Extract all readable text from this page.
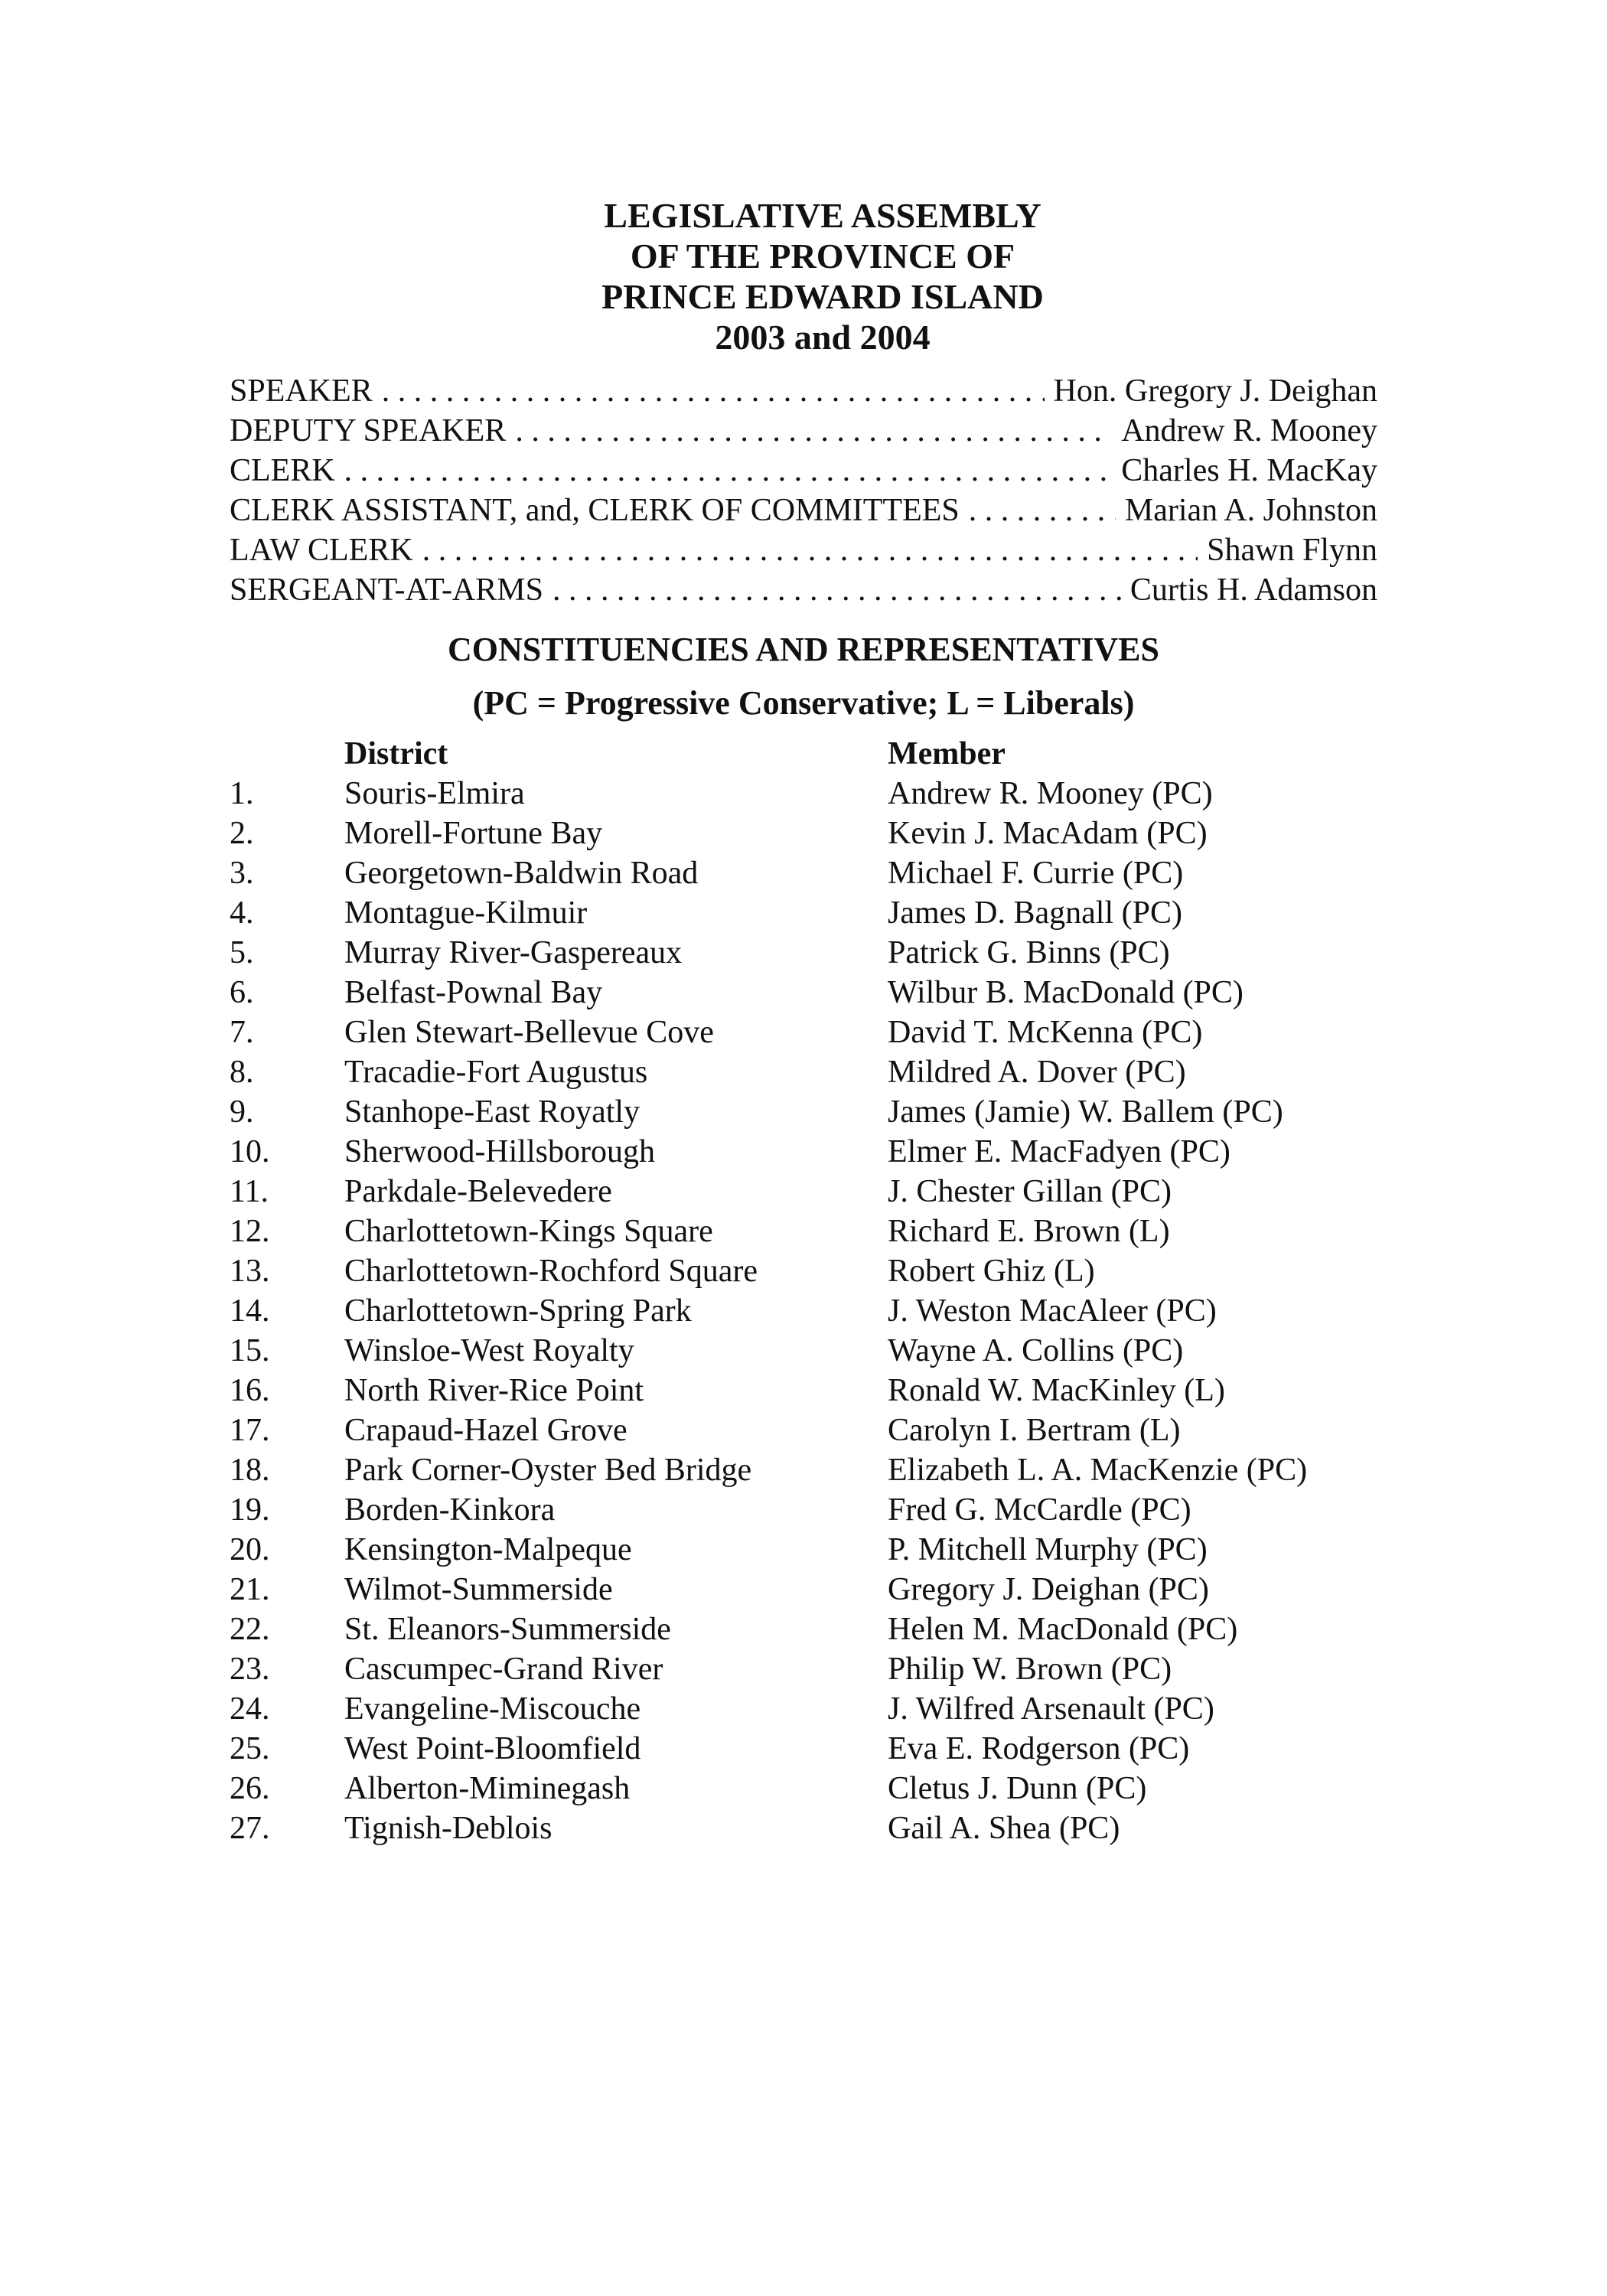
LEGISLATIVE ASSEMBLY
OF THE PROVINCE OF
PRINCE EDWARD ISLAND
2003 and 2004
SPEAKER . . .	Hon. Gregory J. Deighan
DEPUTY SPEAKER . . .	Andrew R. Mooney
CLERK . . .	Charles H. MacKay
CLERK ASSISTANT, and, CLERK OF COMMITTEES . . .	Marian A. Johnston
LAW CLERK . . .	Shawn Flynn
SERGEANT-AT-ARMS . . .	Curtis H. Adamson
CONSTITUENCIES AND REPRESENTATIVES
(PC = Progressive Conservative; L = Liberals)
District	Member
1.	Souris-Elmira	Andrew R. Mooney (PC)
2.	Morell-Fortune Bay	Kevin J. MacAdam (PC)
3.	Georgetown-Baldwin Road	Michael F. Currie (PC)
4.	Montague-Kilmuir	James D. Bagnall (PC)
5.	Murray River-Gaspereaux	Patrick G. Binns (PC)
6.	Belfast-Pownal Bay	Wilbur B. MacDonald (PC)
7.	Glen Stewart-Bellevue Cove	David T. McKenna (PC)
8.	Tracadie-Fort Augustus	Mildred A. Dover (PC)
9.	Stanhope-East Royatly	James (Jamie) W. Ballem (PC)
10.	Sherwood-Hillsborough	Elmer E. MacFadyen (PC)
11.	Parkdale-Belevedere	J. Chester Gillan (PC)
12.	Charlottetown-Kings Square	Richard E. Brown (L)
13.	Charlottetown-Rochford Square	Robert Ghiz (L)
14.	Charlottetown-Spring Park	J. Weston MacAleer (PC)
15.	Winsloe-West Royalty	Wayne A. Collins (PC)
16.	North River-Rice Point	Ronald W. MacKinley (L)
17.	Crapaud-Hazel Grove	Carolyn I. Bertram (L)
18.	Park Corner-Oyster Bed Bridge	Elizabeth L. A. MacKenzie (PC)
19.	Borden-Kinkora	Fred G. McCardle (PC)
20.	Kensington-Malpeque	P. Mitchell Murphy (PC)
21.	Wilmot-Summerside	Gregory J. Deighan (PC)
22.	St. Eleanors-Summerside	Helen M. MacDonald (PC)
23.	Cascumpec-Grand River	Philip W. Brown (PC)
24.	Evangeline-Miscouche	J. Wilfred Arsenault (PC)
25.	West Point-Bloomfield	Eva E. Rodgerson (PC)
26.	Alberton-Miminegash	Cletus J. Dunn (PC)
27.	Tignish-Deblois	Gail A. Shea (PC)
